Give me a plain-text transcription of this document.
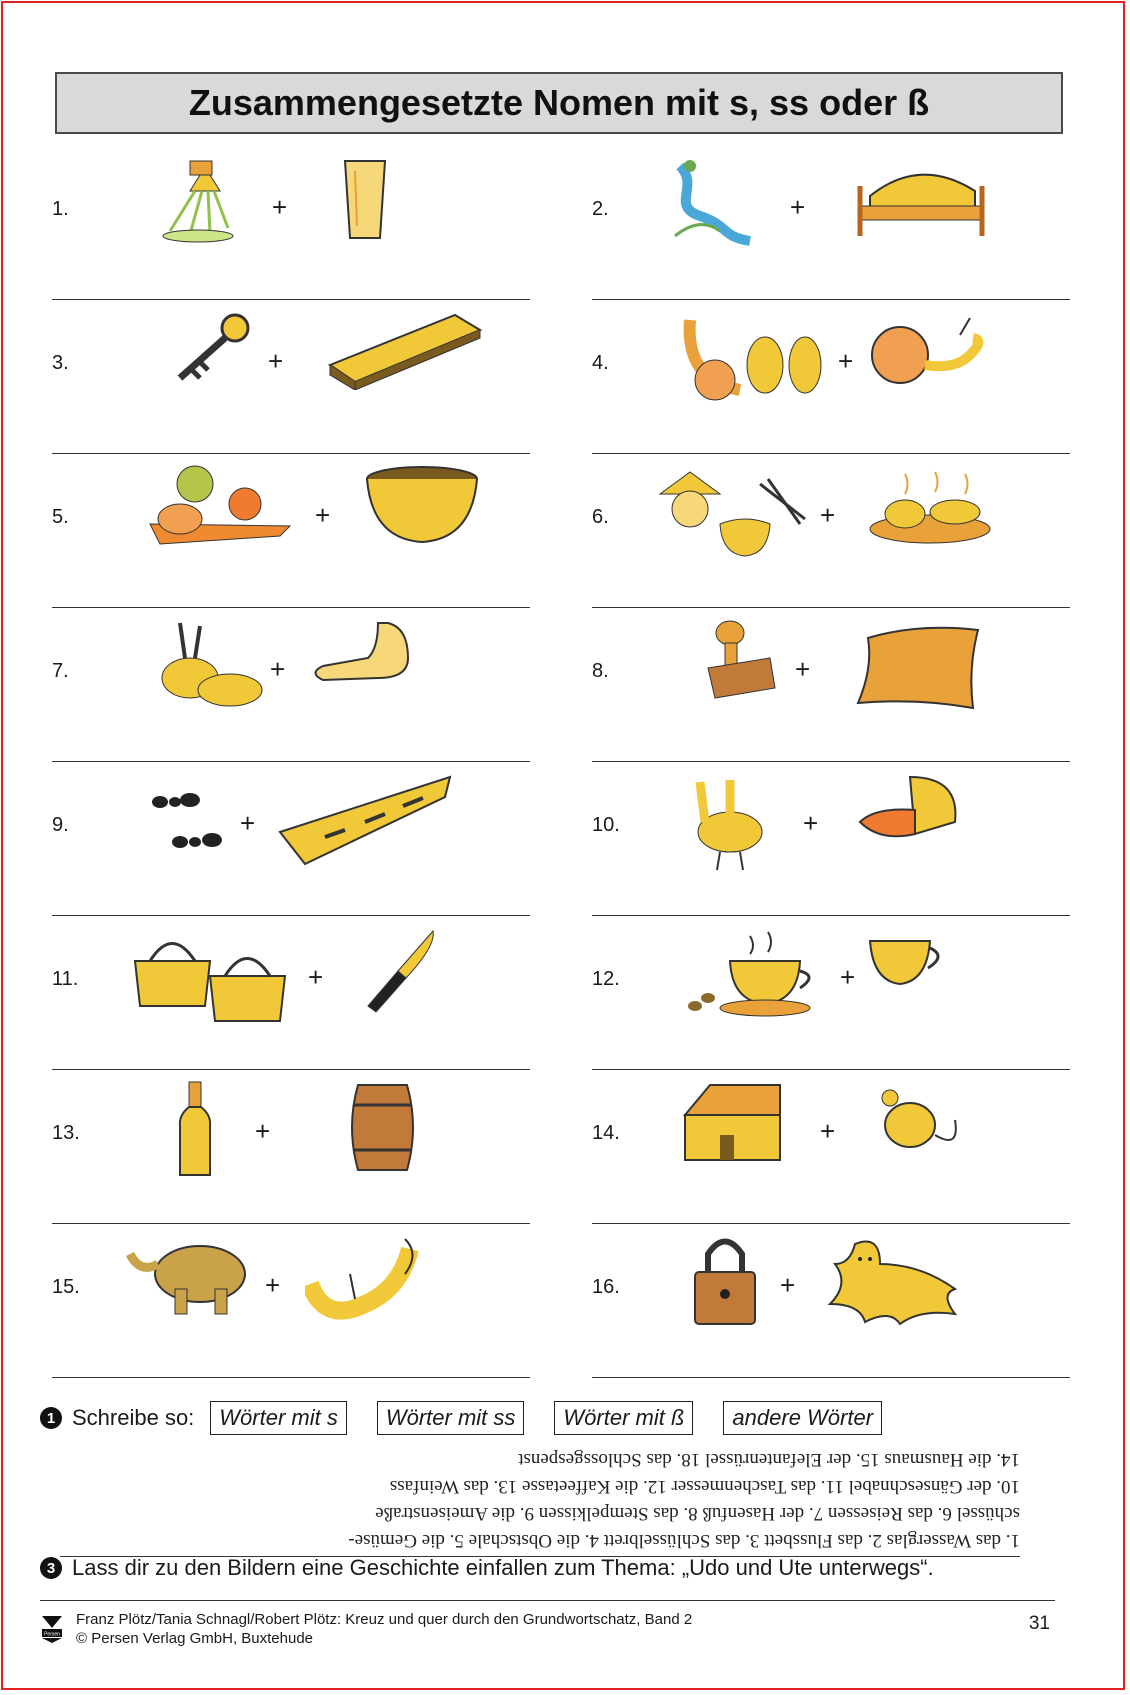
Zusammengesetzte Nomen mit s, ss oder ß
1.	+	2.	+
3.	+	4.	+
5.	+	6.	+
7.	+	8.	+
9.	+	10.	+
11.	+	12.	+
13.	+	14.	+
15.	+	16.	+
1 Schreibe so:	Wörter mit s	Wörter mit ss	Wörter mit ß	andere Wörter
1. das Wasserglas 2. das Flussbett 3. das Schlüsselbrett 4. die Obstschale 5. die Gemüse-
schüssel 6. das Reisessen 7. der Hasenfuß 8. das Stempelkissen 9. die Ameisenstraße
10. der Gänseschnabel 11. das Taschenmesser 12. die Kaffeetasse 13. das Weinfass
14. die Hausmaus 15. der Elefantenrüssel 18. das Schlossgespenst
3 Lass dir zu den Bildern eine Geschichte einfallen zum Thema: „Udo und Ute unterwegs“.
Persen
Franz Plötz/Tania Schnagl/Robert Plötz: Kreuz und quer durch den Grundwortschatz, Band 2
© Persen Verlag GmbH, Buxtehude
31
